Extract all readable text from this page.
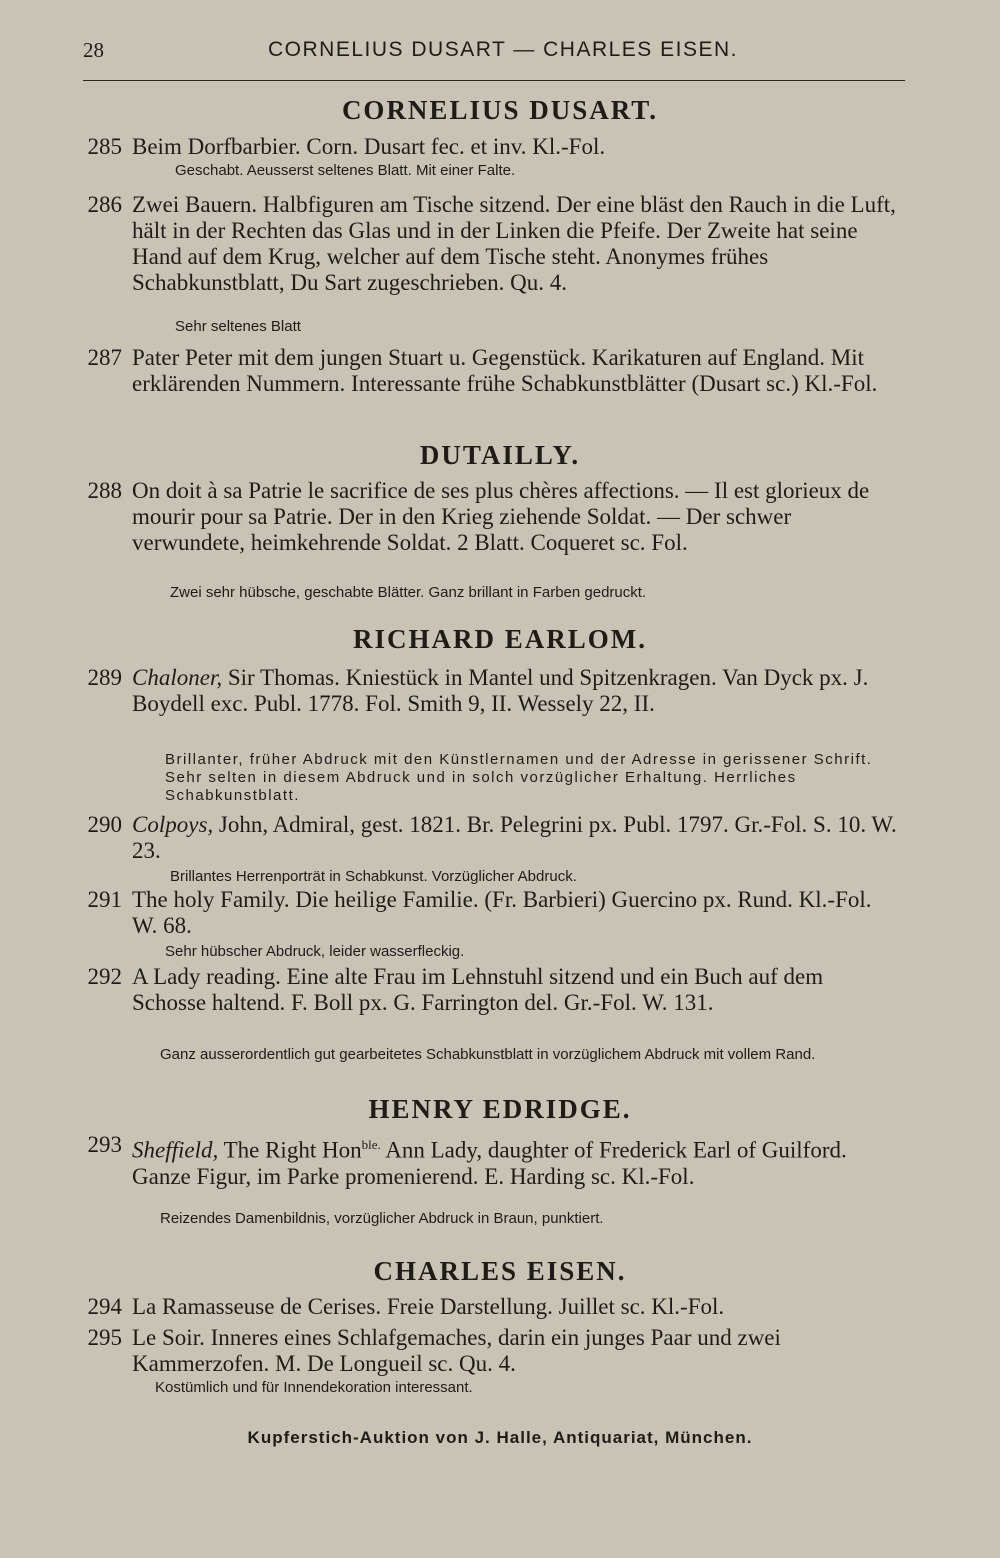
28	CORNELIUS DUSART — CHARLES EISEN.
CORNELIUS DUSART.
285 Beim Dorfbarbier. Corn. Dusart fec. et inv. Kl.-Fol.
Geschabt. Aeusserst seltenes Blatt. Mit einer Falte.
286 Zwei Bauern. Halbfiguren am Tische sitzend. Der eine bläst den Rauch in die Luft, hält in der Rechten das Glas und in der Linken die Pfeife. Der Zweite hat seine Hand auf dem Krug, welcher auf dem Tische steht. Anonymes frühes Schabkunstblatt, Du Sart zugeschrieben. Qu. 4.
Sehr seltenes Blatt
287 Pater Peter mit dem jungen Stuart u. Gegenstück. Karikaturen auf England. Mit erklärenden Nummern. Interessante frühe Schabkunstblätter (Dusart sc.) Kl.-Fol.
DUTAILLY.
288 On doit à sa Patrie le sacrifice de ses plus chères affections. — Il est glorieux de mourir pour sa Patrie. Der in den Krieg ziehende Soldat. — Der schwer verwundete, heimkehrende Soldat. 2 Blatt. Coqueret sc. Fol.
Zwei sehr hübsche, geschabte Blätter. Ganz brillant in Farben gedruckt.
RICHARD EARLOM.
289 Chaloner, Sir Thomas. Kniestück in Mantel und Spitzenkragen. Van Dyck px. J. Boydell exc. Publ. 1778. Fol. Smith 9, II. Wessely 22, II.
Brillanter, früher Abdruck mit den Künstlernamen und der Adresse in gerissener Schrift. Sehr selten in diesem Abdruck und in solch vorzüglicher Erhaltung. Herrliches Schabkunstblatt.
290 Colpoys, John, Admiral, gest. 1821. Br. Pelegrini px. Publ. 1797. Gr.-Fol. S. 10. W. 23.
Brillantes Herrenporträt in Schabkunst. Vorzüglicher Abdruck.
291 The holy Family. Die heilige Familie. (Fr. Barbieri) Guercino px. Rund. Kl.-Fol. W. 68.
Sehr hübscher Abdruck, leider wasserfleckig.
292 A Lady reading. Eine alte Frau im Lehnstuhl sitzend und ein Buch auf dem Schosse haltend. F. Boll px. G. Farrington del. Gr.-Fol. W. 131.
Ganz ausserordentlich gut gearbeitetes Schabkunstblatt in vorzüglichem Abdruck mit vollem Rand.
HENRY EDRIDGE.
293 Sheffield, The Right Hon$^{ble.}$ Ann Lady, daughter of Frederick Earl of Guilford. Ganze Figur, im Parke promenierend. E. Harding sc. Kl.-Fol.
Reizendes Damenbildnis, vorzüglicher Abdruck in Braun, punktiert.
CHARLES EISEN.
294 La Ramasseuse de Cerises. Freie Darstellung. Juillet sc. Kl.-Fol.
295 Le Soir. Inneres eines Schlafgemaches, darin ein junges Paar und zwei Kammerzofen. M. De Longueil sc. Qu. 4.
Kostümlich und für Innendekoration interessant.
Kupferstich-Auktion von J. Halle, Antiquariat, München.
